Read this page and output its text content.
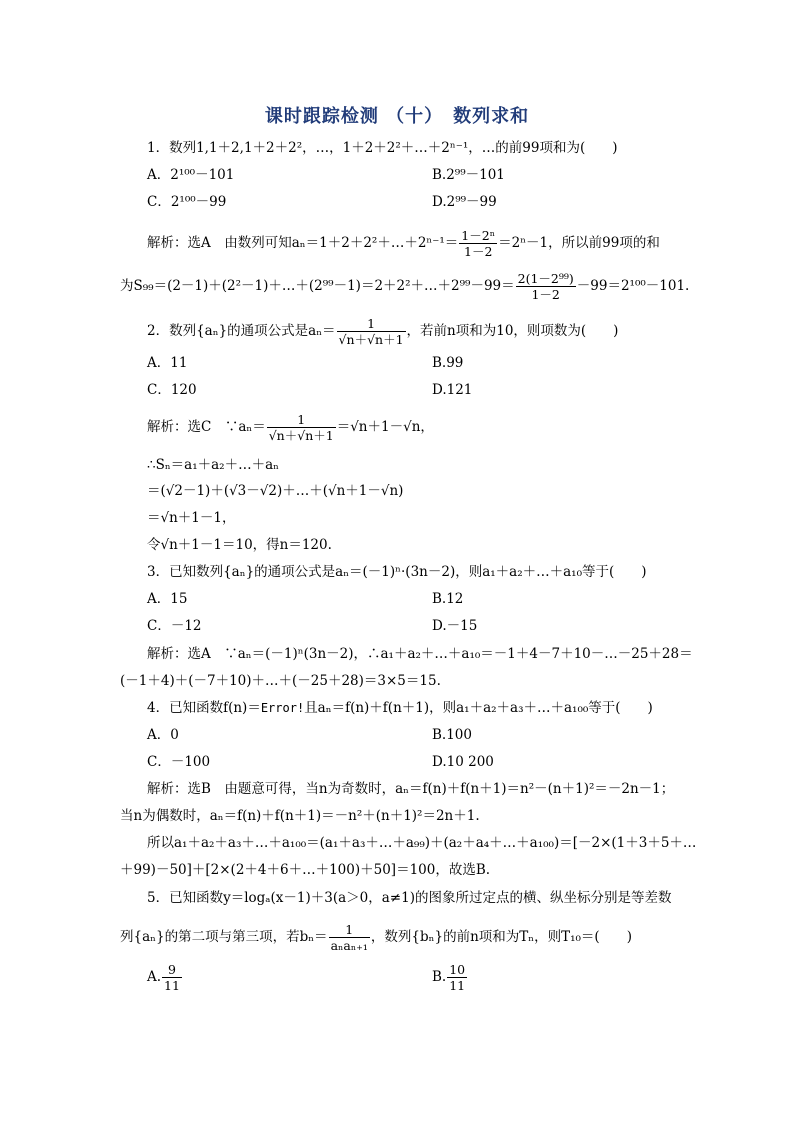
课时跟踪检测 （十）　数列求和
1．数列1,1＋2,1＋2＋2²，…，1＋2＋2²＋…＋2ⁿ⁻¹，…的前99项和为(　　)
A．2¹⁰⁰－101	B.2⁹⁹－101
C．2¹⁰⁰－99	D.2⁹⁹－99
解析：选A　由数列可知aₙ＝1＋2＋2²＋…＋2ⁿ⁻¹＝ $\frac{\text{1－2ⁿ}}{1-2} =2^n-1$，所以前99项的和
为S₉₉＝(2－1)＋(2²－1)＋…＋(2⁹⁹－1)＝2＋2²＋…＋2⁹⁹－99＝ $\frac{\text{2(1－2⁹⁹)}}{1-2} -99=2^{100}-101$.
2．数列{aₙ}的通项公式是$a_n= \frac{1}{√n+√n+1}$ ，若前n项和为10，则项数为(　　)
A．11	B.99
C．120	D.121
解析：选C　∵aₙ＝ $\frac{1}{√n+√n+1} =√n+1-√n$，
∴Sₙ＝a₁＋a₂＋…＋aₙ
＝(√2－1)＋(√3－√2)＋…＋(√n＋1－√n)
＝√n＋1－1，
令√n＋1－1＝10，得n＝120.
3．已知数列{aₙ}的通项公式是aₙ＝(－1)ⁿ·(3n－2)，则a₁＋a₂＋…＋a₁₀等于(　　)
A．15	B.12
C．－12	D.－15
解析：选A　∵aₙ＝(－1)ⁿ(3n－2)，∴a₁＋a₂＋…＋a₁₀＝－1＋4－7＋10－…－25＋28＝
(－1＋4)＋(－7＋10)＋…＋(－25＋28)＝3×5＝15.
4．已知函数f(n)＝Error!且aₙ＝f(n)＋f(n＋1)，则a₁＋a₂＋a₃＋…＋a₁₀₀等于(　　)
A．0	B.100
C．－100	D.10 200
解析：选B　由题意可得，当n为奇数时，aₙ＝f(n)＋f(n＋1)＝n²－(n＋1)²＝－2n－1；
当n为偶数时，aₙ＝f(n)＋f(n＋1)＝－n²＋(n＋1)²＝2n＋1.
所以a₁＋a₂＋a₃＋…＋a₁₀₀＝(a₁＋a₃＋…＋a₉₉)＋(a₂＋a₄＋…＋a₁₀₀)＝[－2×(1＋3＋5＋…
＋99)－50]＋[2×(2＋4＋6＋…＋100)＋50]＝100，故选B.
5．已知函数y＝logₐ(x－1)＋3(a＞0，a≠1)的图象所过定点的横、纵坐标分别是等差数
列{aₙ}的第二项与第三项，若$b_n= \frac{1}{\text{aₙaₙ₊₁}}$ ，数列{bₙ}的前n项和为Tₙ，则T₁₀＝(　　)
A. $\frac{9}{11}$	B. $\frac{10}{11}$
